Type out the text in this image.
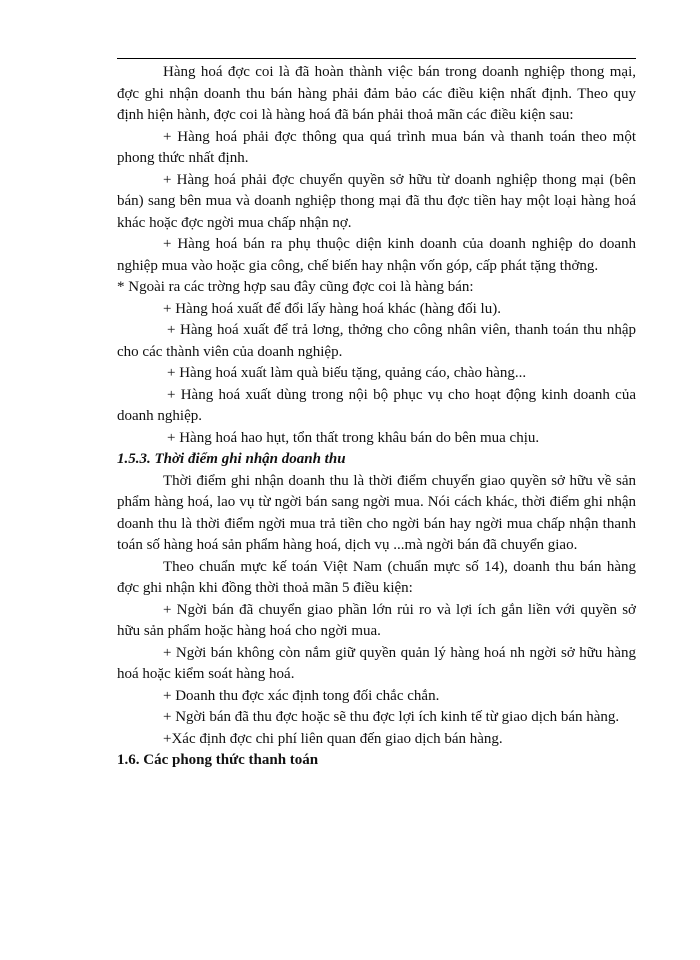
Hàng hoá đợc coi là đã hoàn thành việc bán trong doanh nghiệp thong mại, đợc ghi nhận doanh thu bán hàng phải đảm bảo các điều kiện nhất định. Theo quy định hiện hành, đợc coi là hàng hoá đã bán phải thoả mãn các điều kiện sau:

+ Hàng hoá phải đợc thông qua quá trình mua bán và thanh toán theo một phong thức nhất định.

+ Hàng hoá phải đợc chuyển quyền sở hữu từ doanh nghiệp thong mại (bên bán) sang bên mua và doanh nghiệp thong mại đã thu đợc tiền hay một loại hàng hoá khác hoặc đợc ngời mua chấp nhận nợ.

+ Hàng hoá bán ra phụ thuộc diện kinh doanh của doanh nghiệp do doanh nghiệp mua vào hoặc gia công, chế biến hay nhận vốn góp, cấp phát tặng thởng.

* Ngoài ra các trờng hợp sau đây cũng đợc coi là hàng bán:

+ Hàng hoá xuất để đổi lấy hàng hoá khác (hàng đối lu).

+ Hàng hoá xuất để trả lơng, thởng cho công nhân viên, thanh toán thu nhập cho các thành viên của doanh nghiệp.

+ Hàng hoá xuất làm quà biếu tặng, quảng cáo, chào hàng...

+ Hàng hoá xuất dùng trong nội bộ phục vụ cho hoạt động kinh doanh của doanh nghiệp.

+ Hàng hoá hao hụt, tổn thất trong khâu bán do bên mua chịu.

1.5.3. Thời điểm ghi nhận doanh thu

Thời điểm ghi nhận doanh thu là thời điểm chuyển giao quyền sở hữu về sản phẩm hàng hoá, lao vụ từ ngời bán sang ngời mua. Nói cách khác, thời điểm ghi nhận doanh thu là thời điểm ngời mua trả tiền cho ngời bán hay ngời mua chấp nhận thanh toán số hàng hoá sản phẩm hàng hoá, dịch vụ ...mà ngời bán đã chuyển giao.

Theo chuẩn mực kế toán Việt Nam (chuẩn mực số 14), doanh thu bán hàng đợc ghi nhận khi đồng thời thoả mãn 5 điều kiện:

+ Ngời bán đã chuyển giao phần lớn rủi ro và lợi ích gắn liền với quyền sở hữu sản phẩm hoặc hàng hoá cho ngời mua.

+ Ngời bán không còn nắm giữ quyền quản lý hàng hoá nh ngời sở hữu hàng hoá hoặc kiểm soát hàng hoá.

+ Doanh thu đợc xác định tong đối chắc chắn.

+ Ngời bán đã thu đợc hoặc sẽ thu đợc lợi ích kinh tế từ giao dịch bán hàng.

+Xác định đợc chi phí liên quan đến giao dịch bán hàng.

1.6. Các phong thức thanh toán
